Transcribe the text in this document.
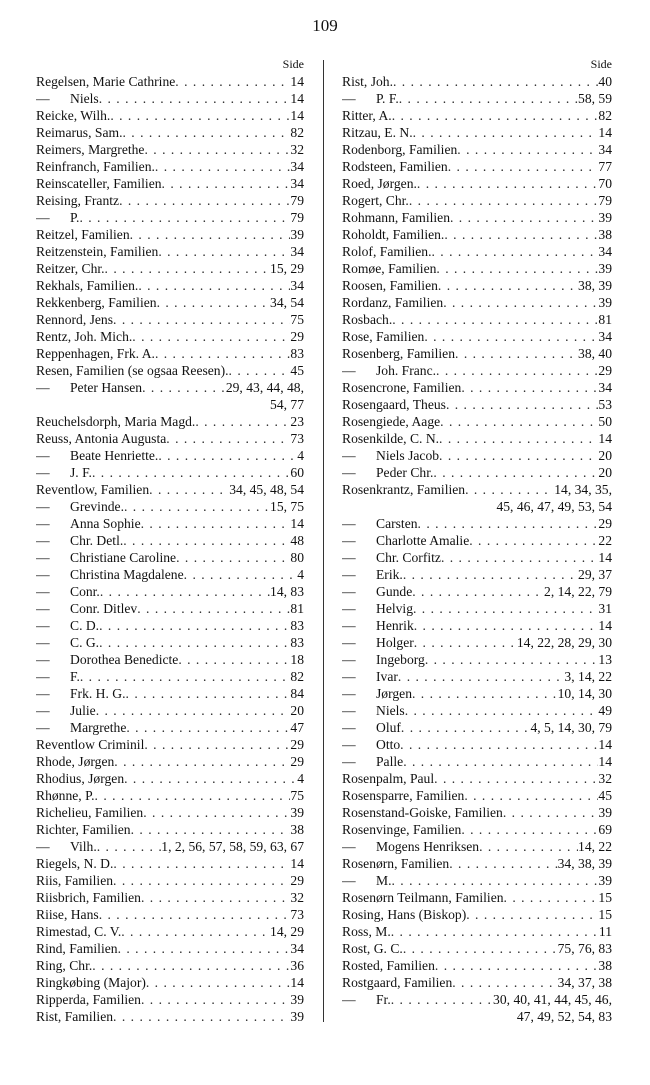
109
Side
Regelsen, Marie Cathrine . . .	14
—	Niels . . .	14
Reicke, Wilh. . . .	14
Reimarus, Sam. . . .	82
Reimers, Margrethe . . .	32
Reinfranch, Familien. . . .	34
Reinscateller, Familien . . .	34
Reising, Frantz . . .	79
—	P. . . .	79
Reitzel, Familien . . .	39
Reitzenstein, Familien . . .	34
Reitzer, Chr. . . .	15, 29
Rekhals, Familien. . . .	34
Rekkenberg, Familien . . .	34, 54
Rennord, Jens . . .	75
Rentz, Joh. Mich. . . .	29
Reppenhagen, Frk. A. . . .	83
Resen, Familien (se ogsaa Reesen). . . .	45
—	Peter Hansen . . .	29, 43, 44, 48,
54, 77
Reuchelsdorph, Maria Magd. . . .	23
Reuss, Antonia Augusta . . .	73
—	Beate Henriette. . . .	4
—	J. F. . . .	60
Reventlow, Familien . . .	34, 45, 48, 54
—	Grevinde. . . .	15, 75
—	Anna Sophie . . .	14
—	Chr. Detl. . . .	48
—	Christiane Caroline . . .	80
—	Christina Magdalene . . .	4
—	Conr. . . .	14, 83
—	Conr. Ditlev . . .	81
—	C. D. . . .	83
—	C. G. . . .	83
—	Dorothea Benedicte . . .	18
—	F. . . .	82
—	Frk. H. G. . . .	84
—	Julie . . .	20
—	Margrethe . . .	47
Reventlow Criminil . . .	29
Rhode, Jørgen . . .	29
Rhodius, Jørgen . . .	4
Rhønne, P. . . .	75
Richelieu, Familien . . .	39
Richter, Familien . . .	38
—	Vilh. . . .	1, 2, 56, 57, 58, 59, 63, 67
Riegels, N. D. . . .	14
Riis, Familien . . .	29
Riisbrich, Familien . . .	32
Riise, Hans . . .	73
Rimestad, C. V. . . .	14, 29
Rind, Familien . . .	34
Ring, Chr. . . .	36
Ringkøbing (Major) . . .	14
Ripperda, Familien . . .	39
Rist, Familien . . .	39
Side
Rist, Joh. . . .	40
—	P. F. . . .	58, 59
Ritter, A. . . .	82
Ritzau, E. N. . . .	14
Rodenborg, Familien . . .	34
Rodsteen, Familien . . .	77
Roed, Jørgen. . . .	70
Rogert, Chr. . . .	79
Rohmann, Familien . . .	39
Roholdt, Familien. . . .	38
Rolof, Familien. . . .	34
Romøe, Familien . . .	39
Roosen, Familien . . .	38, 39
Rordanz, Familien . . .	39
Rosbach. . . .	81
Rose, Familien . . .	34
Rosenberg, Familien . . .	38, 40
—	Joh. Franc. . . .	29
Rosencrone, Familien . . .	34
Rosengaard, Theus . . .	53
Rosengiede, Aage . . .	50
Rosenkilde, C. N. . . .	14
—	Niels Jacob . . .	20
—	Peder Chr. . . .	20
Rosenkrantz, Familien . . .	14, 34, 35,
45, 46, 47, 49, 53, 54
—	Carsten . . .	29
—	Charlotte Amalie . . .	22
—	Chr. Corfitz . . .	14
—	Erik. . . .	29, 37
—	Gunde . . .	2, 14, 22, 79
—	Helvig . . .	31
—	Henrik . . .	14
—	Holger . . .	14, 22, 28, 29, 30
—	Ingeborg . . .	13
—	Ivar . . .	3, 14, 22
—	Jørgen . . .	10, 14, 30
—	Niels . . .	49
—	Oluf . . .	4, 5, 14, 30, 79
—	Otto . . .	14
—	Palle . . .	14
Rosenpalm, Paul . . .	32
Rosensparre, Familien . . .	45
Rosenstand-Goiske, Familien . . .	39
Rosenvinge, Familien . . .	69
—	Mogens Henriksen . . .	14, 22
Rosenørn, Familien . . .	34, 38, 39
—	M. . . .	39
Rosenørn Teilmann, Familien . . .	15
Rosing, Hans (Biskop) . . .	15
Ross, M. . . .	11
Rost, G. C. . . .	75, 76, 83
Rosted, Familien . . .	38
Rostgaard, Familien . . .	34, 37, 38
—	Fr. . . .	30, 40, 41, 44, 45, 46,
47, 49, 52, 54, 83
